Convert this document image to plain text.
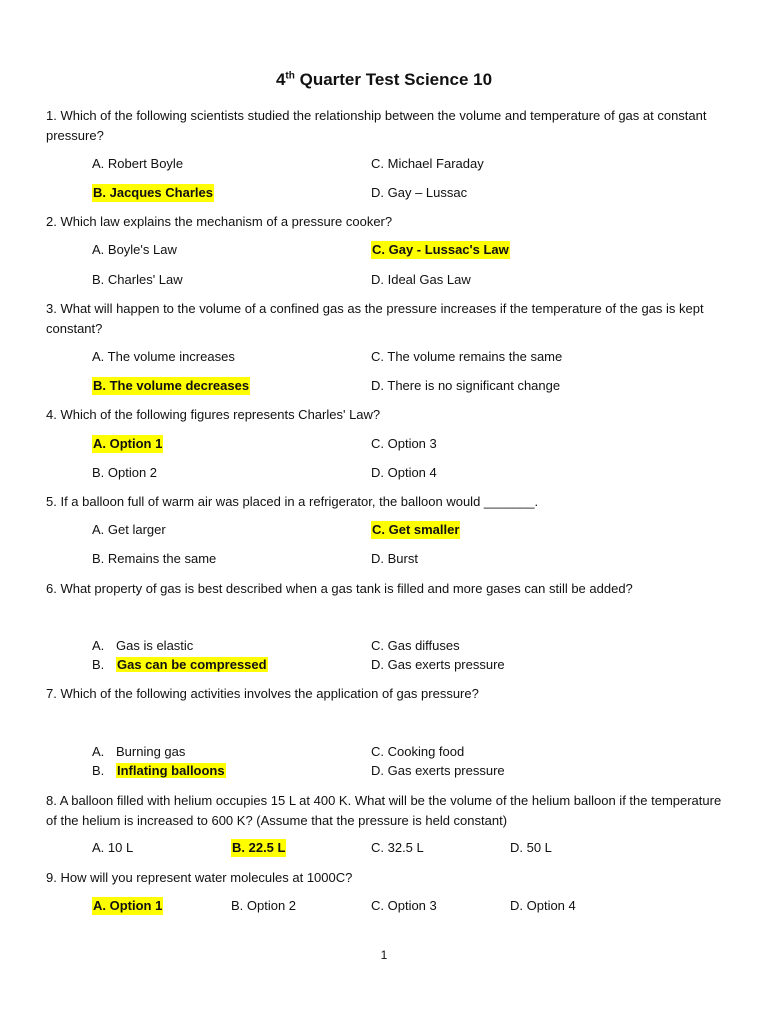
4th Quarter Test Science 10
1. Which of the following scientists studied the relationship between the volume and temperature of gas at constant pressure?
A. Robert Boyle	C. Michael Faraday
B. Jacques Charles	D. Gay – Lussac
2. Which law explains the mechanism of a pressure cooker?
A. Boyle's Law	C. Gay - Lussac's Law
B. Charles' Law	D. Ideal Gas Law
3. What will happen to the volume of a confined gas as the pressure increases if the temperature of the gas is kept constant?
A. The volume increases	C. The volume remains the same
B. The volume decreases	D. There is no significant change
4. Which of the following figures represents Charles' Law?
A. Option 1	C. Option 3
B. Option 2	D. Option 4
5. If a balloon full of warm air was placed in a refrigerator, the balloon would _______.
A. Get larger	C. Get smaller
B. Remains the same	D. Burst
6. What property of gas is best described when a gas tank is filled and more gases can still be added?
A. Gas is elastic	C. Gas diffuses
B. Gas can be compressed	D. Gas exerts pressure
7. Which of the following activities involves the application of gas pressure?
A. Burning gas	C. Cooking food
B. Inflating balloons	D. Gas exerts pressure
8. A balloon filled with helium occupies 15 L at 400 K. What will be the volume of the helium balloon if the temperature of the helium is increased to 600 K? (Assume that the pressure is held constant)
A. 10 L	B. 22.5 L	C. 32.5 L	D. 50 L
9. How will you represent water molecules at 1000C?
A. Option 1	B. Option 2	C. Option 3	D. Option 4
1
